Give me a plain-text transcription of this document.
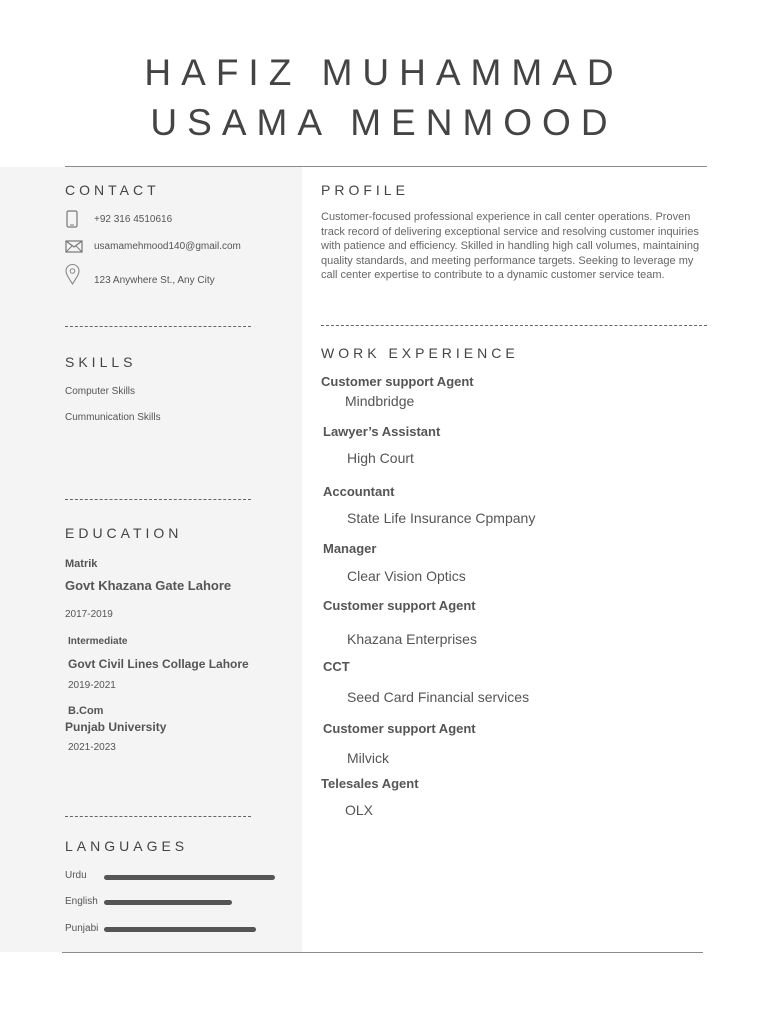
HAFIZ MUHAMMAD
USAMA MENMOOD
CONTACT
+92 316 4510616
usamamehmood140@gmail.com
123 Anywhere St., Any City
SKILLS
Computer Skills
Cummunication Skills
EDUCATION
Matrik
Govt Khazana Gate Lahore
2017-2019
Intermediate
Govt Civil Lines Collage Lahore
2019-2021
B.Com
Punjab University
2021-2023
LANGUAGES
Urdu
English
Punjabi
PROFILE
Customer-focused professional experience in call center operations. Proven track record of delivering exceptional service and resolving customer inquiries with patience and efficiency. Skilled in handling high call volumes, maintaining quality standards, and meeting performance targets. Seeking to leverage my call center expertise to contribute to a dynamic customer service team.
WORK EXPERIENCE
Customer support Agent
Mindbridge
Lawyer’s Assistant
High Court
Accountant
State Life Insurance Cpmpany
Manager
Clear Vision Optics
Customer support Agent
Khazana Enterprises
CCT
Seed Card Financial services
Customer support Agent
Milvick
Telesales Agent
OLX
